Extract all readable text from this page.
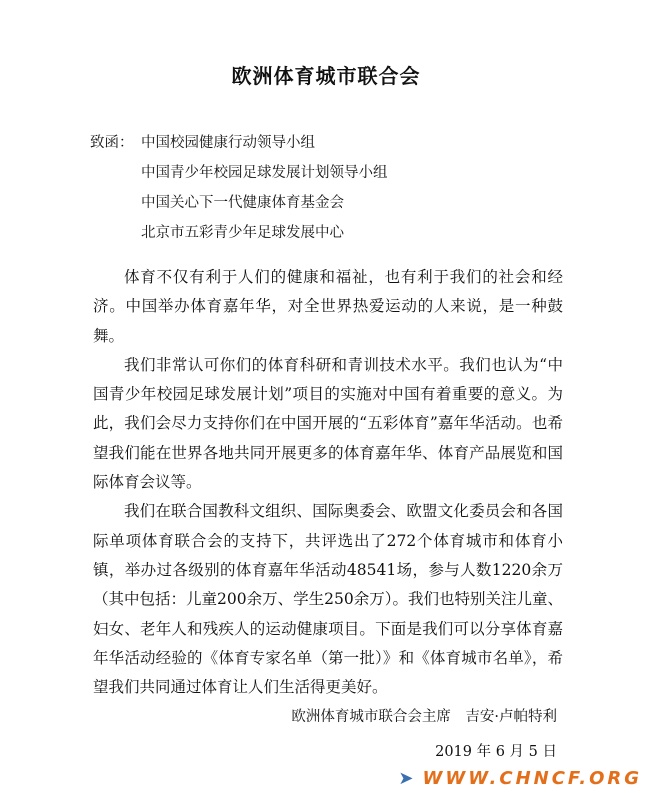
欧洲体育城市联合会
致函： 中国校园健康行动领导小组
中国青少年校园足球发展计划领导小组
中国关心下一代健康体育基金会
北京市五彩青少年足球发展中心

体育不仅有利于人们的健康和福祉，也有利于我们的社会和经济。中国举办体育嘉年华，对全世界热爱运动的人来说，是一种鼓舞。

我们非常认可你们的体育科研和青训技术水平。我们也认为“中国青少年校园足球发展计划”项目的实施对中国有着重要的意义。为此，我们会尽力支持你们在中国开展的“五彩体育”嘉年华活动。也希望我们能在世界各地共同开展更多的体育嘉年华、体育产品展览和国际体育会议等。

我们在联合国教科文组织、国际奥委会、欧盟文化委员会和各国际单项体育联合会的支持下，共评选出了272个体育城市和体育小镇，举办过各级别的体育嘉年华活动48541场，参与人数1220余万（其中包括：儿童200余万、学生250余万）。我们也特别关注儿童、妇女、老年人和残疾人的运动健康项目。下面是我们可以分享体育嘉年华活动经验的《体育专家名单（第一批）》和《体育城市名单》，希望我们共同通过体育让人们生活得更美好。

欧洲体育城市联合会主席　吉安·卢帕特利
2019 年 6 月 5 日
➤ WWW.CHNCF.ORG
